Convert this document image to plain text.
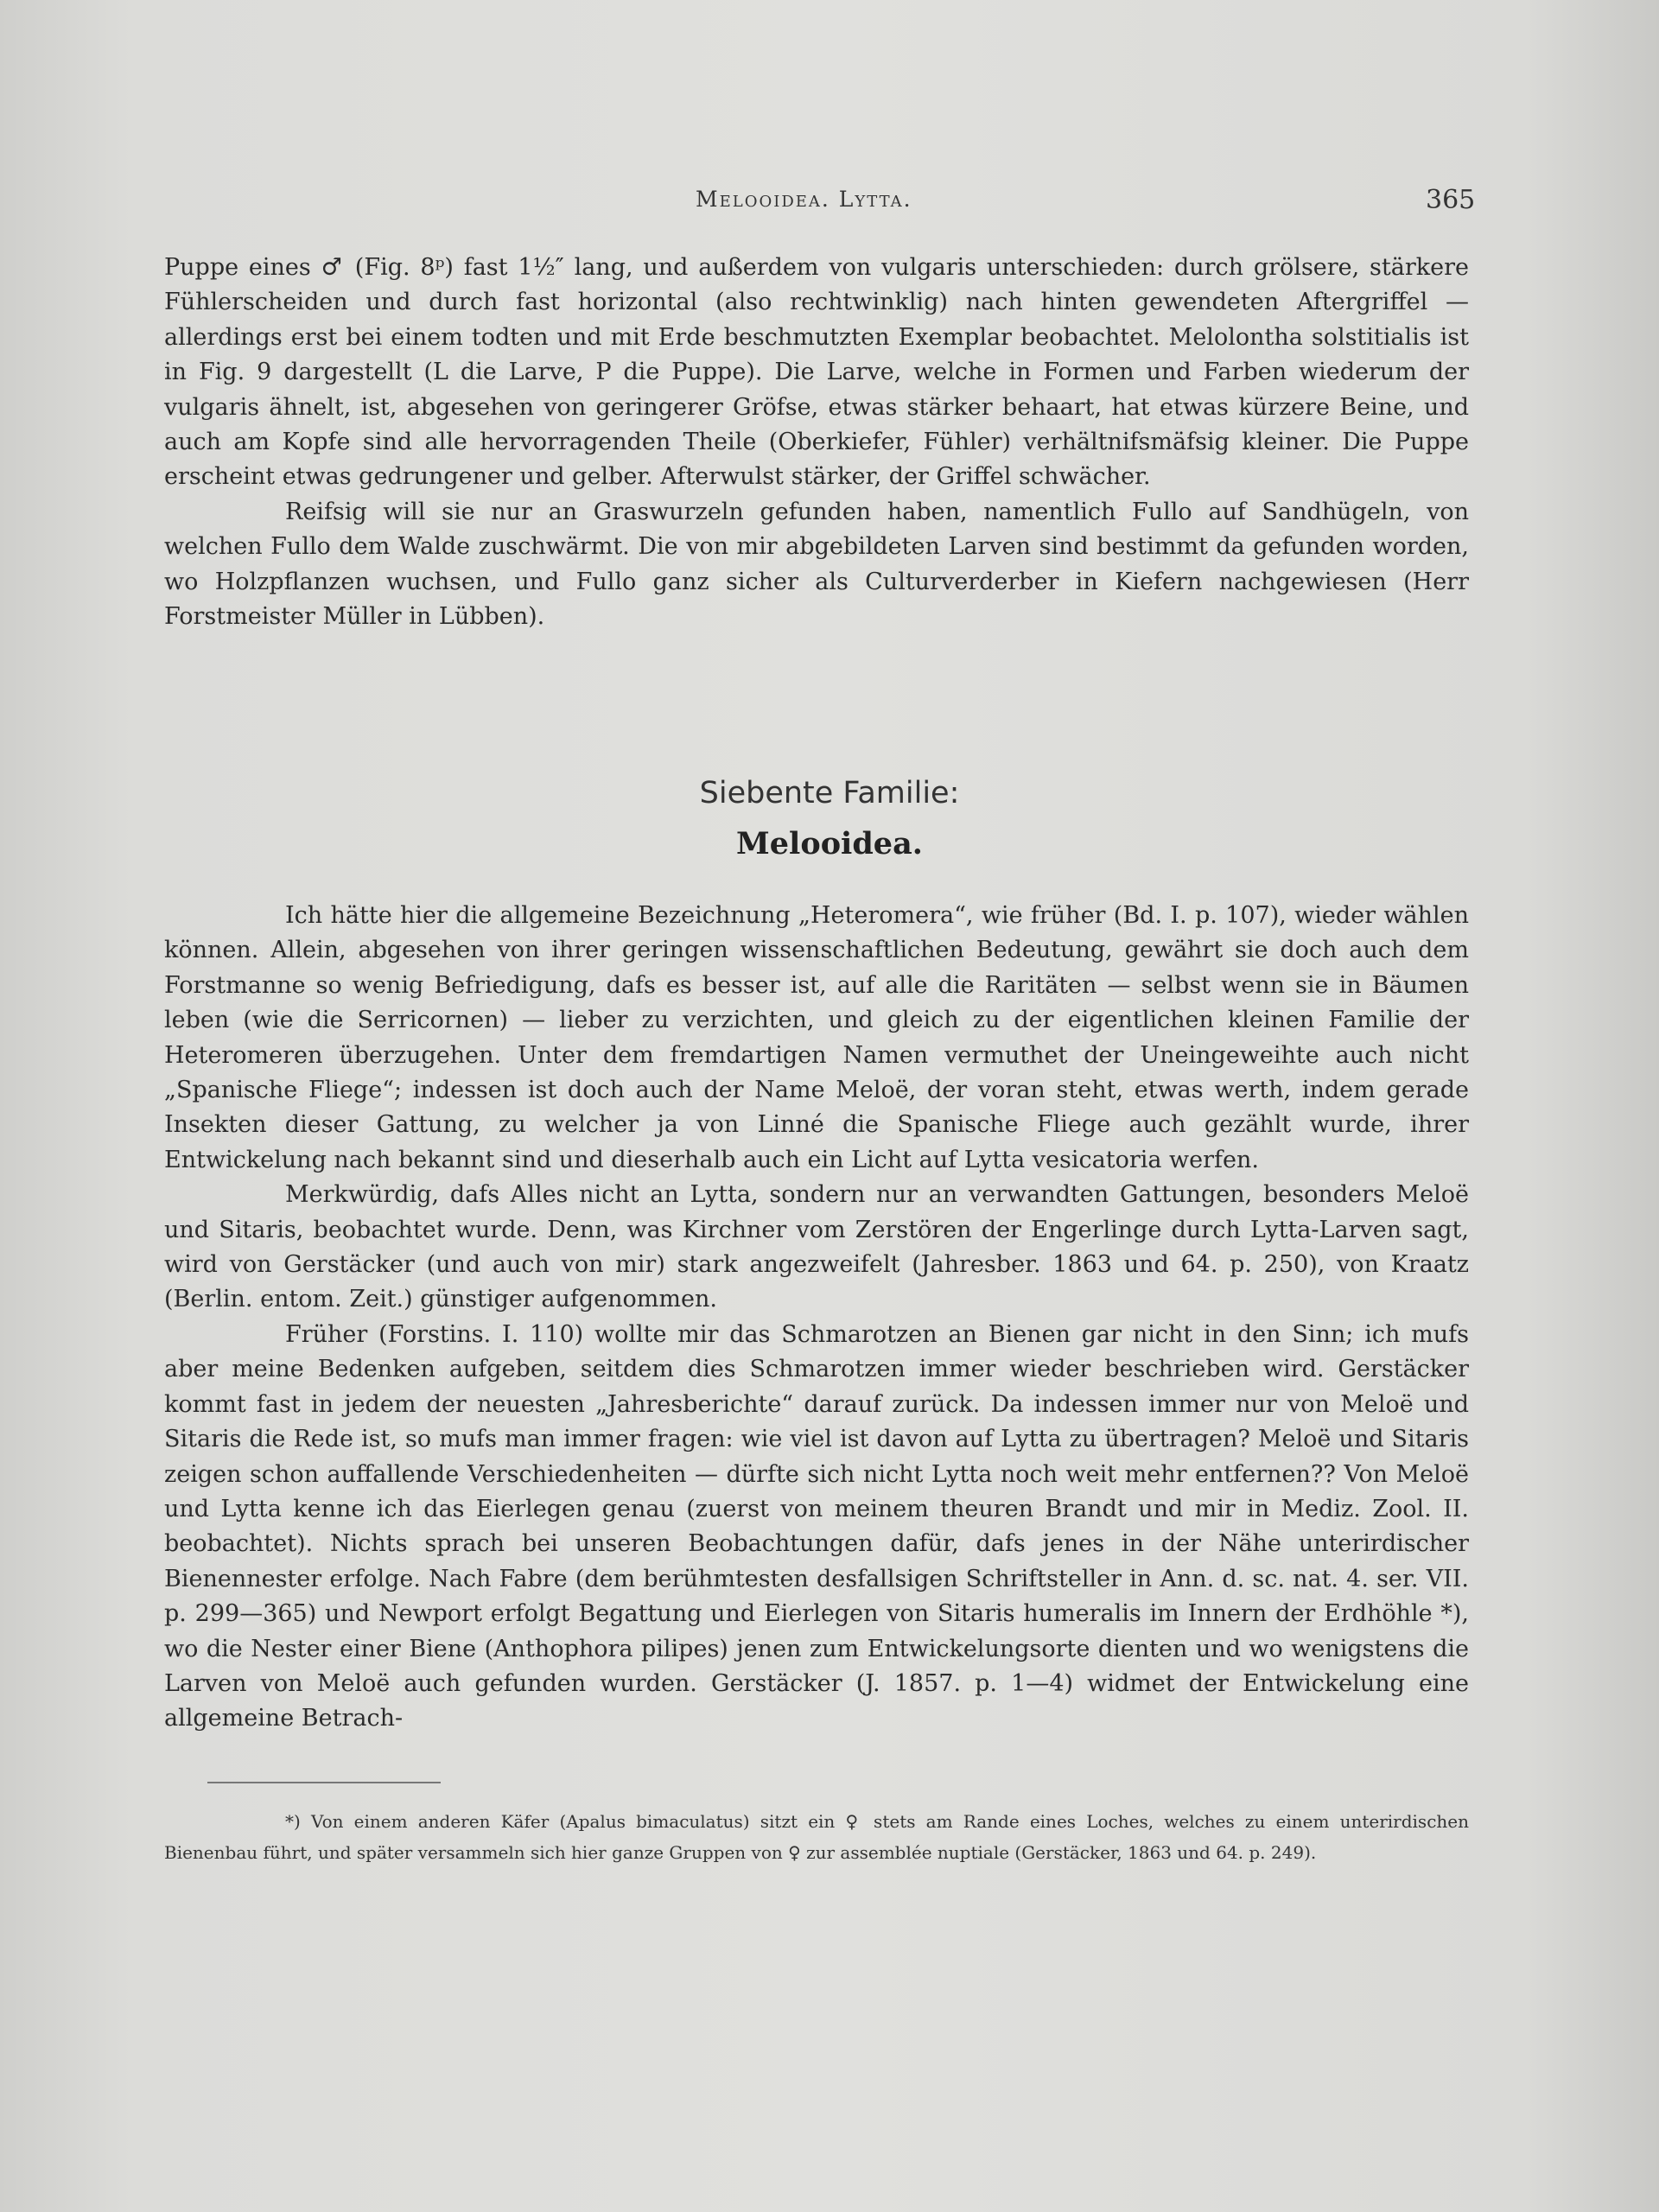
Melooidea. Lytta.	365

Puppe eines ♂ (Fig. 8ᵖ) fast 1½″ lang, und außerdem von vulgaris unterschieden: durch grölsere, stärkere Fühlerscheiden und durch fast horizontal (also rechtwinklig) nach hinten gewendeten Aftergriffel — allerdings erst bei einem todten und mit Erde beschmutzten Exemplar beobachtet. Melolontha solstitialis ist in Fig. 9 dargestellt (L die Larve, P die Puppe). Die Larve, welche in Formen und Farben wiederum der vulgaris ähnelt, ist, abgesehen von geringerer Gröfse, etwas stärker behaart, hat etwas kürzere Beine, und auch am Kopfe sind alle hervorragenden Theile (Oberkiefer, Fühler) verhältnifsmäfsig kleiner. Die Puppe erscheint etwas gedrungener und gelber. Afterwulst stärker, der Griffel schwächer.

Reifsig will sie nur an Graswurzeln gefunden haben, namentlich Fullo auf Sandhügeln, von welchen Fullo dem Walde zuschwärmt. Die von mir abgebildeten Larven sind bestimmt da gefunden worden, wo Holzpflanzen wuchsen, und Fullo ganz sicher als Culturverderber in Kiefern nachgewiesen (Herr Forstmeister Müller in Lübben).

Siebente Familie:
Melooidea.

Ich hätte hier die allgemeine Bezeichnung „Heteromera“, wie früher (Bd. I. p. 107), wieder wählen können. Allein, abgesehen von ihrer geringen wissenschaftlichen Bedeutung, gewährt sie doch auch dem Forstmanne so wenig Befriedigung, dafs es besser ist, auf alle die Raritäten — selbst wenn sie in Bäumen leben (wie die Serricornen) — lieber zu verzichten, und gleich zu der eigentlichen kleinen Familie der Heteromeren überzugehen. Unter dem fremdartigen Namen vermuthet der Uneingeweihte auch nicht „Spanische Fliege“; indessen ist doch auch der Name Meloë, der voran steht, etwas werth, indem gerade Insekten dieser Gattung, zu welcher ja von Linné die Spanische Fliege auch gezählt wurde, ihrer Entwickelung nach bekannt sind und dieserhalb auch ein Licht auf Lytta vesicatoria werfen.

Merkwürdig, dafs Alles nicht an Lytta, sondern nur an verwandten Gattungen, besonders Meloë und Sitaris, beobachtet wurde. Denn, was Kirchner vom Zerstören der Engerlinge durch Lytta-Larven sagt, wird von Gerstäcker (und auch von mir) stark angezweifelt (Jahresber. 1863 und 64. p. 250), von Kraatz (Berlin. entom. Zeit.) günstiger aufgenommen.

Früher (Forstins. I. 110) wollte mir das Schmarotzen an Bienen gar nicht in den Sinn; ich mufs aber meine Bedenken aufgeben, seitdem dies Schmarotzen immer wieder beschrieben wird. Gerstäcker kommt fast in jedem der neuesten „Jahresberichte“ darauf zurück. Da indessen immer nur von Meloë und Sitaris die Rede ist, so mufs man immer fragen: wie viel ist davon auf Lytta zu übertragen? Meloë und Sitaris zeigen schon auffallende Verschiedenheiten — dürfte sich nicht Lytta noch weit mehr entfernen?? Von Meloë und Lytta kenne ich das Eierlegen genau (zuerst von meinem theuren Brandt und mir in Mediz. Zool. II. beobachtet). Nichts sprach bei unseren Beobachtungen dafür, dafs jenes in der Nähe unterirdischer Bienennester erfolge. Nach Fabre (dem berühmtesten desfallsigen Schriftsteller in Ann. d. sc. nat. 4. ser. VII. p. 299—365) und Newport erfolgt Begattung und Eierlegen von Sitaris humeralis im Innern der Erdhöhle *), wo die Nester einer Biene (Anthophora pilipes) jenen zum Entwickelungsorte dienten und wo wenigstens die Larven von Meloë auch gefunden wurden. Gerstäcker (J. 1857. p. 1—4) widmet der Entwickelung eine allgemeine Betrach-

*) Von einem anderen Käfer (Apalus bimaculatus) sitzt ein ♀ stets am Rande eines Loches, welches zu einem unterirdischen Bienenbau führt, und später versammeln sich hier ganze Gruppen von ♀ zur assemblée nuptiale (Gerstäcker, 1863 und 64. p. 249).
